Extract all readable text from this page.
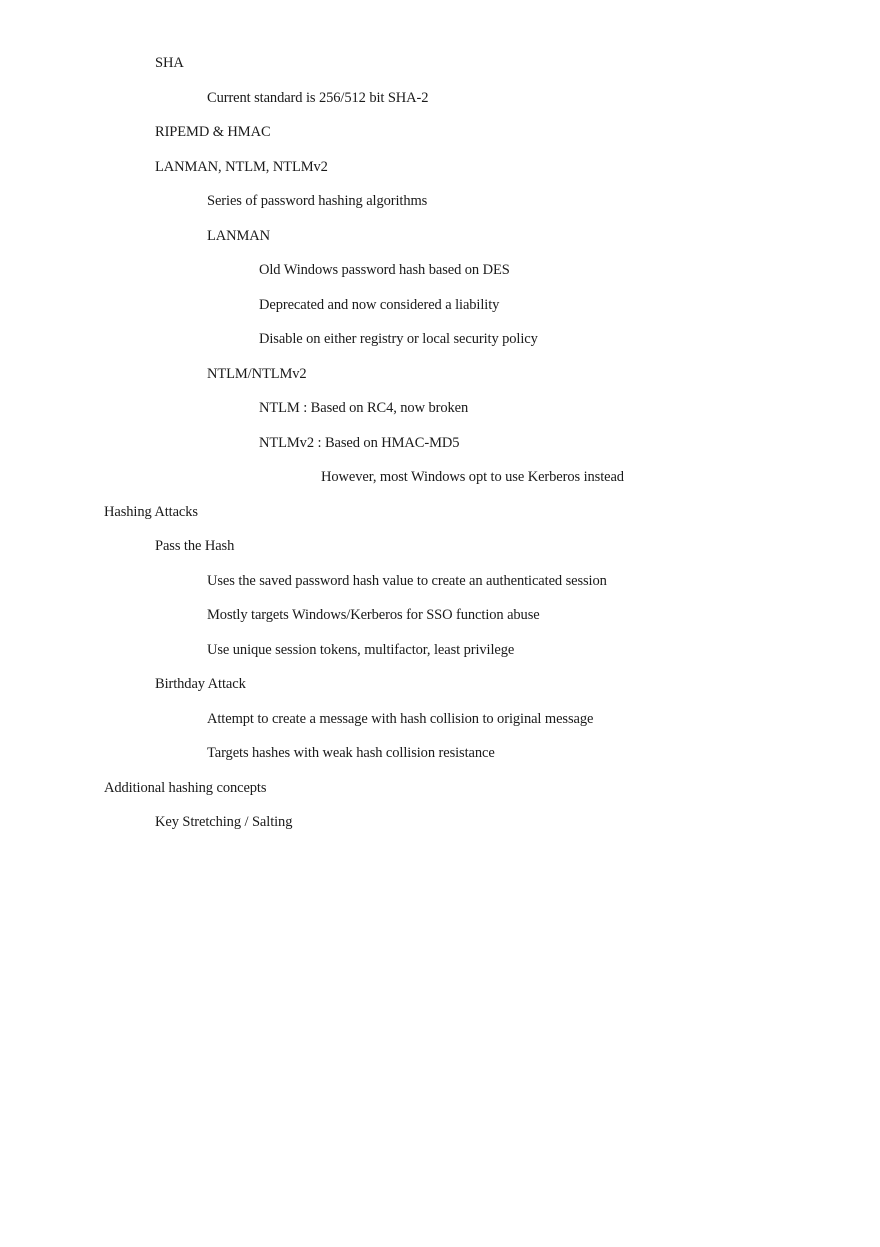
SHA
Current standard is 256/512 bit SHA-2
RIPEMD & HMAC
LANMAN, NTLM, NTLMv2
Series of password hashing algorithms
LANMAN
Old Windows password hash based on DES
Deprecated and now considered a liability
Disable on either registry or local security policy
NTLM/NTLMv2
NTLM : Based on RC4, now broken
NTLMv2 : Based on HMAC-MD5
However, most Windows opt to use Kerberos instead
Hashing Attacks
Pass the Hash
Uses the saved password hash value to create an authenticated session
Mostly targets Windows/Kerberos for SSO function abuse
Use unique session tokens, multifactor, least privilege
Birthday Attack
Attempt to create a message with hash collision to original message
Targets hashes with weak hash collision resistance
Additional hashing concepts
Key Stretching / Salting
